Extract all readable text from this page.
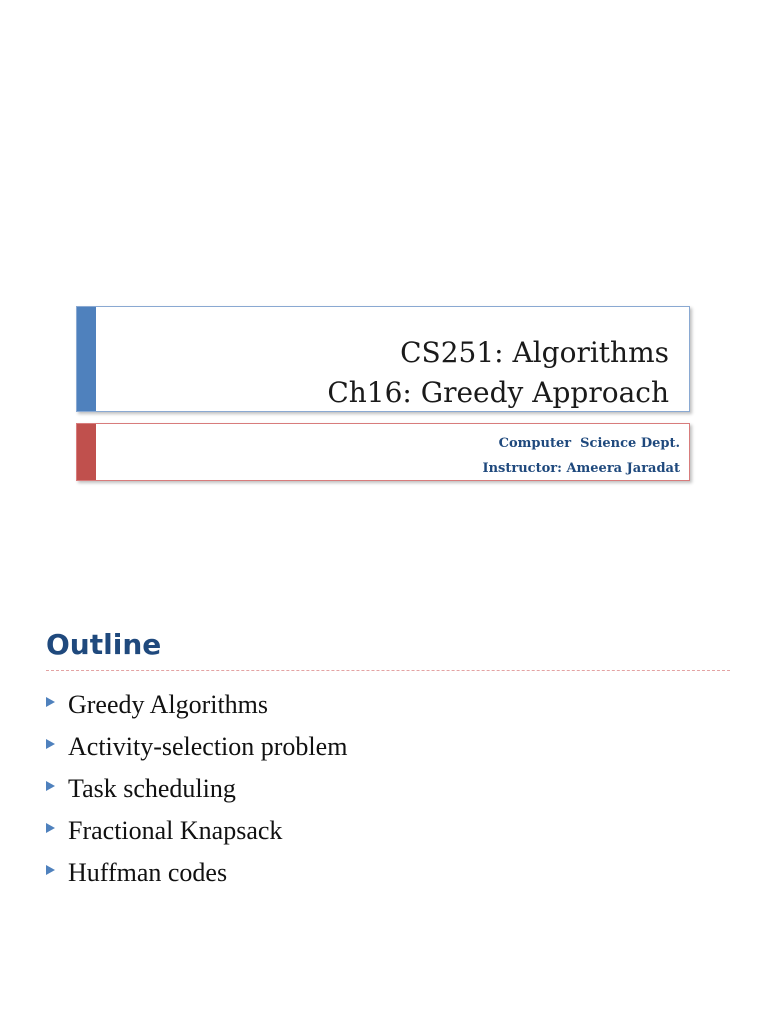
CS251: Algorithms
Ch16: Greedy Approach
Computer  Science Dept.
Instructor: Ameera Jaradat
Outline
Greedy Algorithms
Activity-selection problem
Task scheduling
Fractional Knapsack
Huffman codes
